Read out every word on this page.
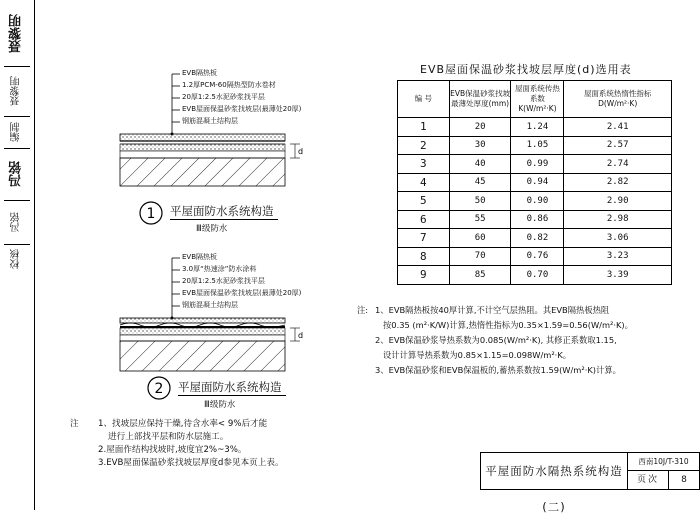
聂黎明
聂黎明
编制
冯铭
冯铭
校核
d
EVB隔热板
1.2厚PCM-60隔热型防水卷材
20厚1:2.5水泥砂浆找平层
EVB屋面保温砂浆找坡层(最薄处20厚)
钢筋混凝土结构层
1 平屋面防水系统构造
Ⅲ级防水
d
EVB隔热板
3.0厚“热速涂”防水涂料
20厚1:2.5水泥砂浆找平层
EVB屋面保温砂浆找坡层(最薄处20厚)
钢筋混凝土结构层
2 平屋面防水系统构造
Ⅲ级防水
EVB屋面保温砂浆找坡层厚度(d)选用表
编 号	EVB保温砂浆找坡最薄处厚度(mm)	屋面系统传热系数K(W/m²·K)	屋面系统热惰性指标D(W/m²·K)
1	20	1.24	2.41
2	30	1.05	2.57
3	40	0.99	2.74
4	45	0.94	2.82
5	50	0.90	2.90
6	55	0.86	2.98
7	60	0.82	3.06
8	70	0.76	3.23
9	85	0.70	3.39
注: 1、EVB隔热板按40厚计算,不计空气层热阻。其EVB隔热板热阻
按0.35 (m²·K/W)计算,热惰性指标为0.35×1.59=0.56(W/m²·K)。
2、EVB保温砂浆导热系数为0.085(W/m²·K), 其修正系数取1.15,
设计计算导热系数为0.85×1.15=0.098W/m²·K。
3、EVB保温砂浆和EVB保温板的,蓄热系数按1.59(W/m²·K)计算。
注	1、找坡层应保持干燥,待含水率< 9%后才能
进行上部找平层和防水层施工。
2.屋面作结构找坡时,坡度宜2%~3%。
3.EVB屋面保温砂浆找坡层厚度d参见本页上表。
平屋面防水隔热系统构造(二)
西南10J/T-310
页次	8
